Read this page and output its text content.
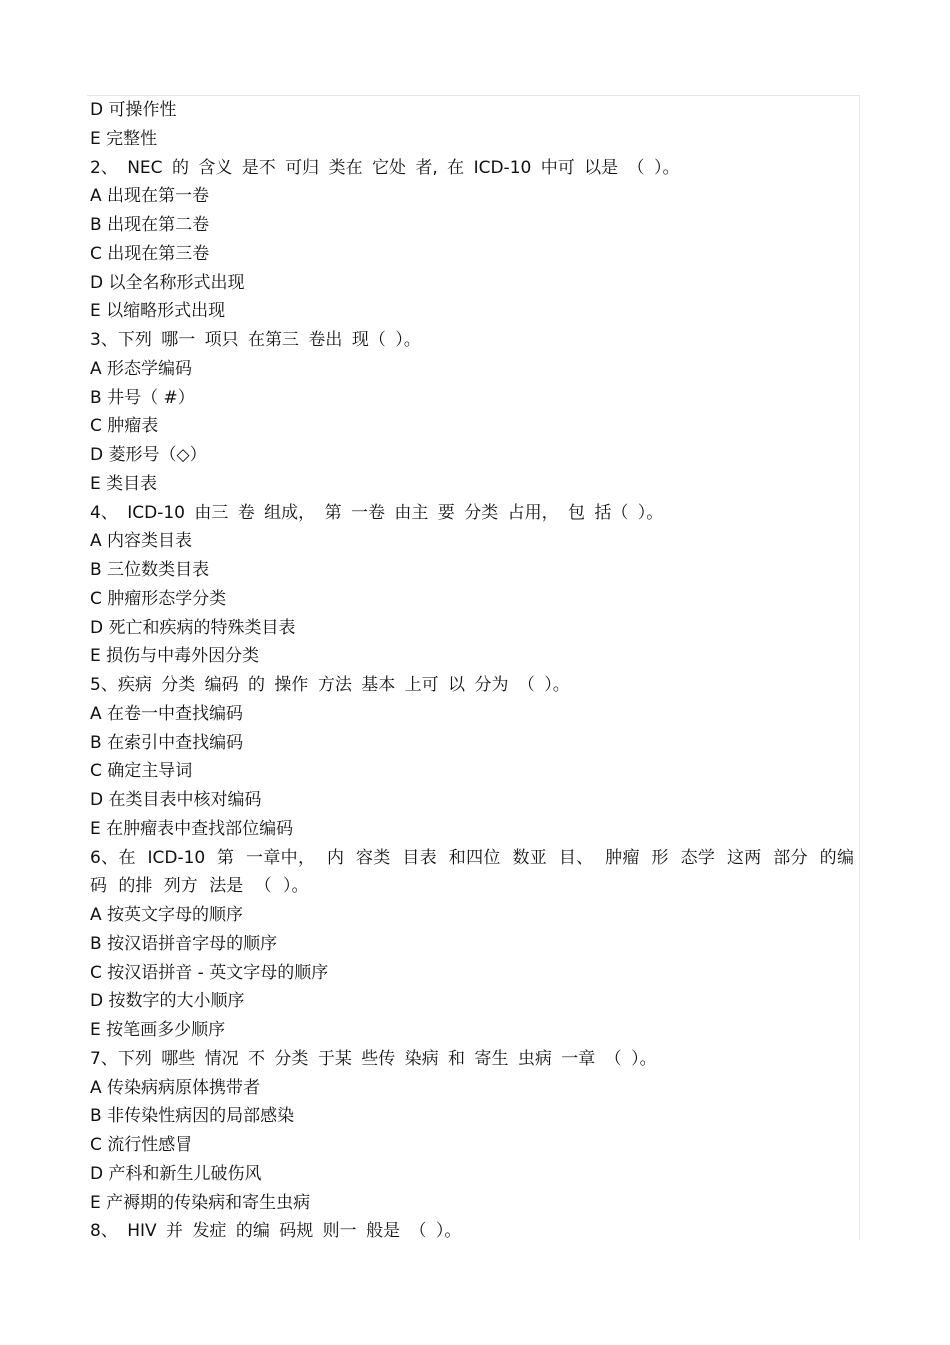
D 可操作性
E 完整性
2、 NEC 的 含义 是不 可归 类在 它处 者, 在 ICD-10 中可 以是 （ ）。
A 出现在第一卷
B 出现在第二卷
C 出现在第三卷
D 以全名称形式出现
E 以缩略形式出现
3、下列 哪一 项只 在第三 卷出 现（ ）。
A 形态学编码
B 井号（ #）
C 肿瘤表
D 菱形号（◇）
E 类目表
4、 ICD-10 由三 卷 组成， 第 一卷 由主 要 分类 占用， 包 括（ ）。
A 内容类目表
B 三位数类目表
C 肿瘤形态学分类
D 死亡和疾病的特殊类目表
E 损伤与中毒外因分类
5、疾病 分类 编码 的 操作 方法 基本 上可 以 分为 （ ）。
A 在卷一中查找编码
B 在索引中查找编码
C 确定主导词
D 在类目表中核对编码
E 在肿瘤表中查找部位编码
6、在 ICD-10 第 一章中， 内 容类 目表 和四位 数亚 目、 肿瘤 形 态学 这两 部分 的编 码 的排 列方 法是 （ ）。
A 按英文字母的顺序
B 按汉语拼音字母的顺序
C 按汉语拼音 - 英文字母的顺序
D 按数字的大小顺序
E 按笔画多少顺序
7、下列 哪些 情况 不 分类 于某 些传 染病 和 寄生 虫病 一章 （ ）。
A 传染病病原体携带者
B 非传染性病因的局部感染
C 流行性感冒
D 产科和新生儿破伤风
E 产褥期的传染病和寄生虫病
8、 HIV 并 发症 的编 码规 则一 般是 （ ）。
